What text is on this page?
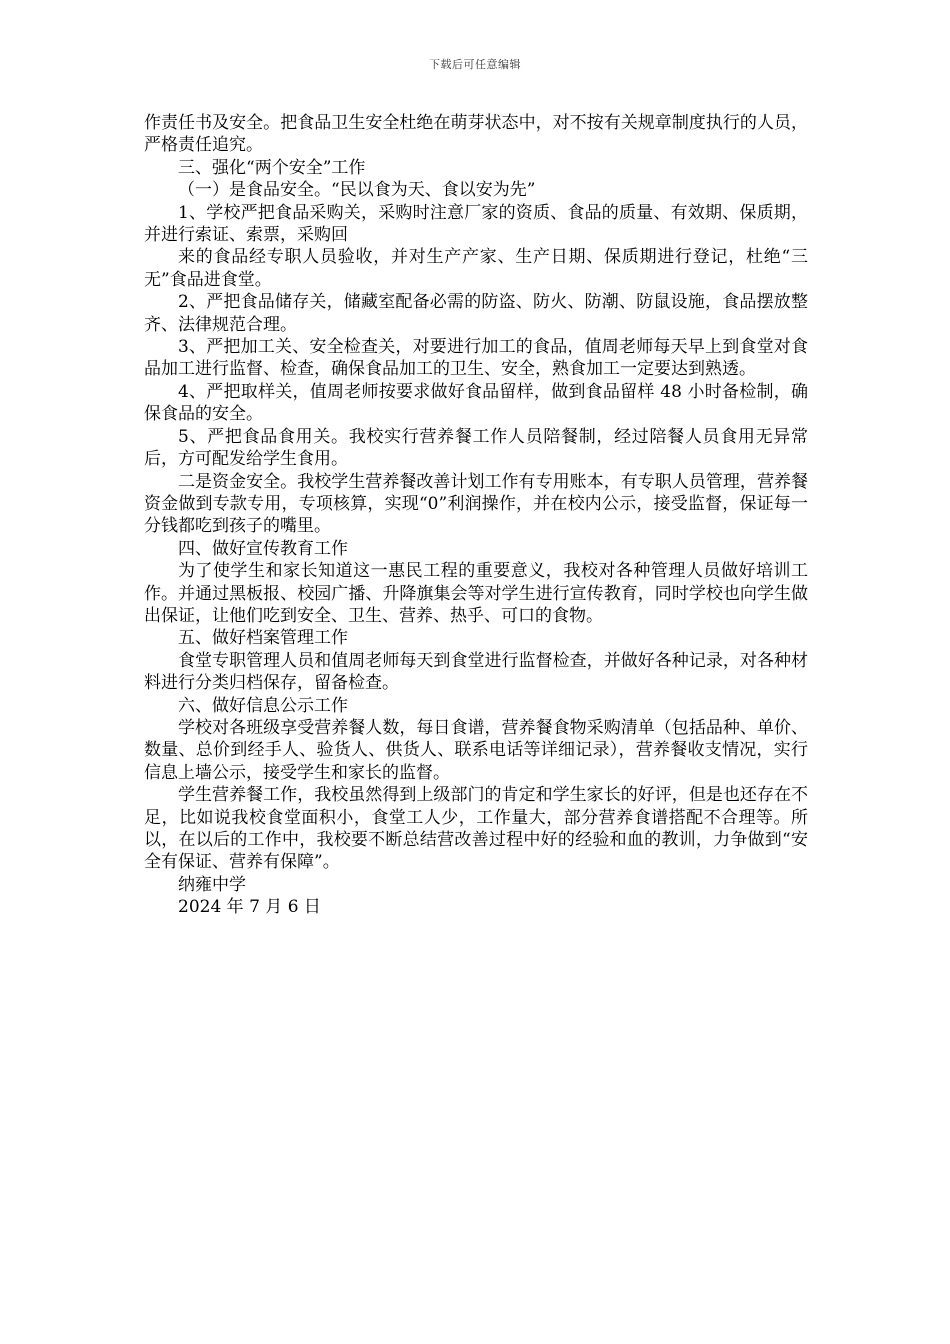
下载后可任意编辑

作责任书及安全。把食品卫生安全杜绝在萌芽状态中，对不按有关规章制度执行的人员，严格责任追究。

三、强化“两个安全”工作

（一）是食品安全。“民以食为天、食以安为先”

1、学校严把食品采购关，采购时注意厂家的资质、食品的质量、有效期、保质期，并进行索证、索票，采购回

来的食品经专职人员验收，并对生产产家、生产日期、保质期进行登记，杜绝“三无”食品进食堂。

2、严把食品储存关，储藏室配备必需的防盗、防火、防潮、防鼠设施，食品摆放整齐、法律规范合理。

3、严把加工关、安全检查关，对要进行加工的食品，值周老师每天早上到食堂对食品加工进行监督、检查，确保食品加工的卫生、安全，熟食加工一定要达到熟透。

4、严把取样关，值周老师按要求做好食品留样，做到食品留样 48 小时备检制，确保食品的安全。

5、严把食品食用关。我校实行营养餐工作人员陪餐制，经过陪餐人员食用无异常后，方可配发给学生食用。

二是资金安全。我校学生营养餐改善计划工作有专用账本，有专职人员管理，营养餐资金做到专款专用，专项核算，实现“0”利润操作，并在校内公示，接受监督，保证每一分钱都吃到孩子的嘴里。

四、做好宣传教育工作

为了使学生和家长知道这一惠民工程的重要意义，我校对各种管理人员做好培训工作。并通过黑板报、校园广播、升降旗集会等对学生进行宣传教育，同时学校也向学生做出保证，让他们吃到安全、卫生、营养、热乎、可口的食物。

五、做好档案管理工作

食堂专职管理人员和值周老师每天到食堂进行监督检查，并做好各种记录，对各种材料进行分类归档保存，留备检查。

六、做好信息公示工作

学校对各班级享受营养餐人数，每日食谱，营养餐食物采购清单（包括品种、单价、数量、总价到经手人、验货人、供货人、联系电话等详细记录），营养餐收支情况，实行信息上墙公示，接受学生和家长的监督。

学生营养餐工作，我校虽然得到上级部门的肯定和学生家长的好评，但是也还存在不足，比如说我校食堂面积小，食堂工人少，工作量大，部分营养食谱搭配不合理等。所以，在以后的工作中，我校要不断总结营改善过程中好的经验和血的教训，力争做到“安全有保证、营养有保障”。

纳雍中学

2024 年 7 月 6 日
